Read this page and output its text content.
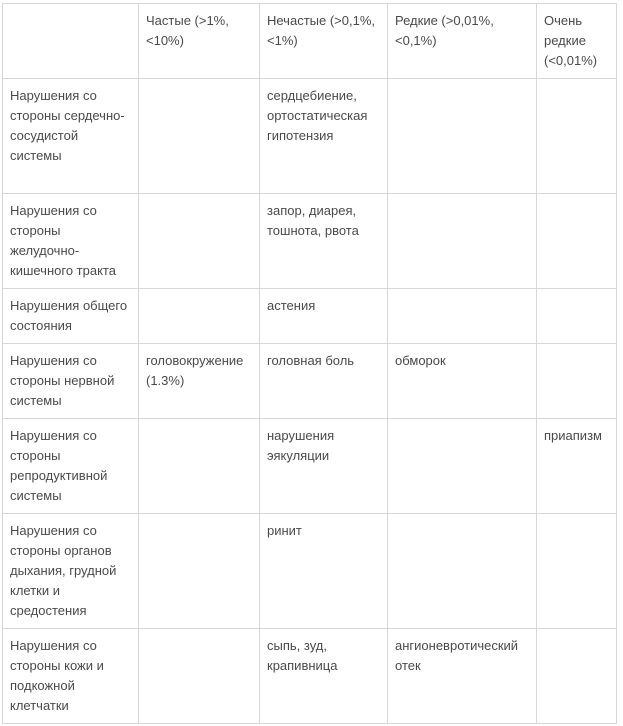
	Частые (>1%, <10%)	Нечастые (>0,1%, <1%)	Редкие (>0,01%, <0,1%)	Очень редкие (<0,01%)
Нарушения со стороны сердечно-сосудистой системы		сердцебиение, ортостатическая гипотензия		
Нарушения со стороны желудочно-кишечного тракта		запор, диарея, тошнота, рвота		
Нарушения общего состояния		астения		
Нарушения со стороны нервной системы	головокружение (1.3%)	головная боль	обморок	
Нарушения со стороны репродуктивной системы		нарушения эякуляции		приапизм
Нарушения со стороны органов дыхания, грудной клетки и средостения		ринит		
Нарушения со стороны кожи и подкожной клетчатки		сыпь, зуд, крапивница	ангионевротический отек	
